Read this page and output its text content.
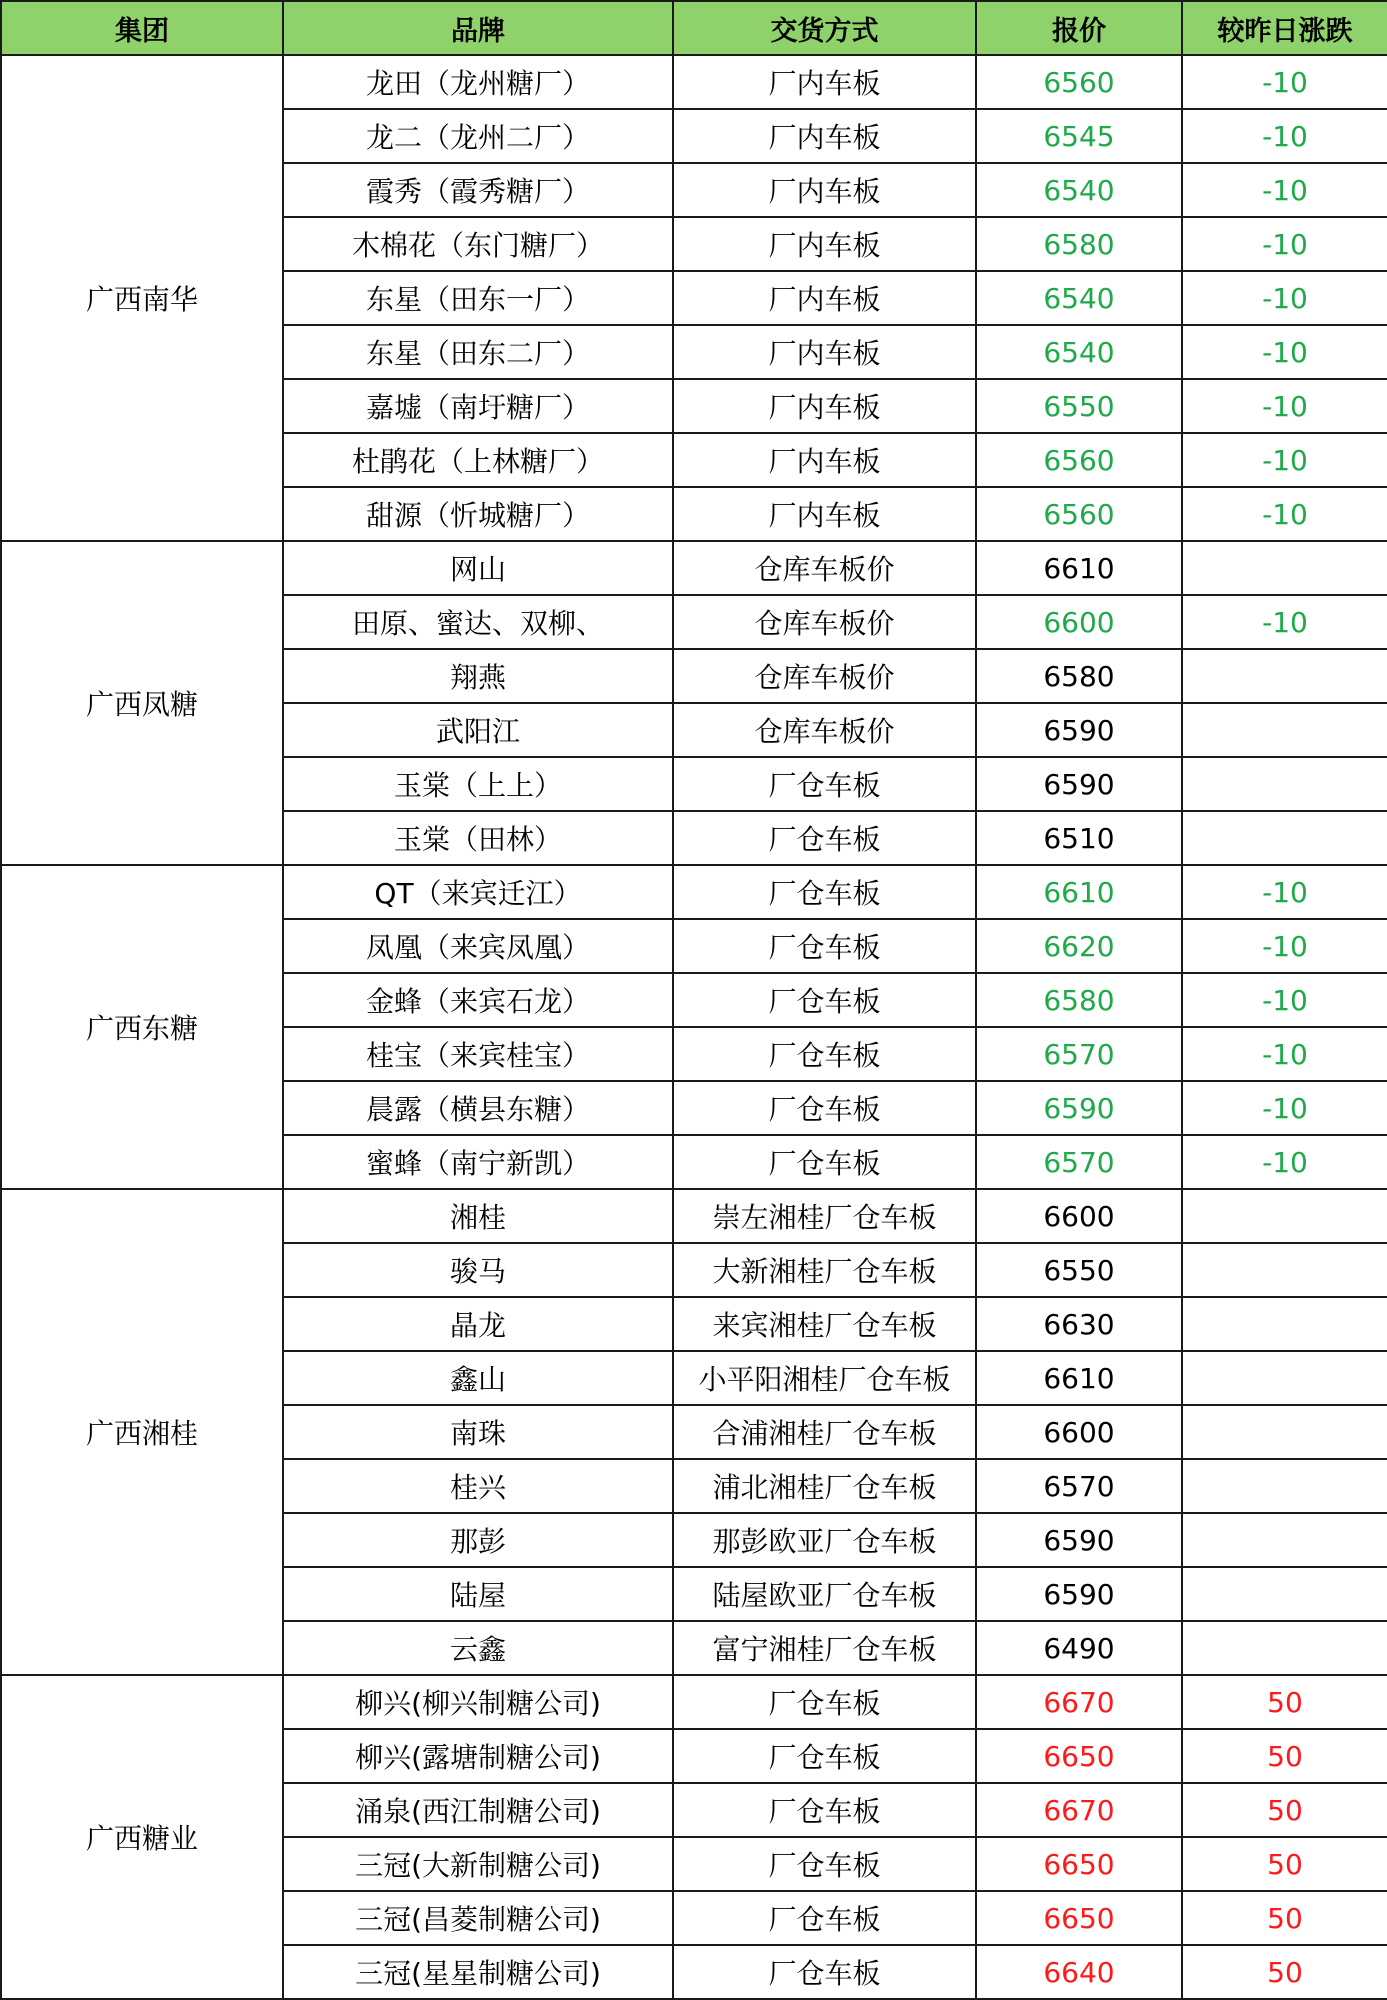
集团	品牌	交货方式	报价	较昨日涨跌
广西南华	龙田（龙州糖厂）	厂内车板	6560	-10
	龙二（龙州二厂）	厂内车板	6545	-10
	霞秀（霞秀糖厂）	厂内车板	6540	-10
	木棉花（东门糖厂）	厂内车板	6580	-10
	东星（田东一厂）	厂内车板	6540	-10
	东星（田东二厂）	厂内车板	6540	-10
	嘉墟（南圩糖厂）	厂内车板	6550	-10
	杜鹃花（上林糖厂）	厂内车板	6560	-10
	甜源（忻城糖厂）	厂内车板	6560	-10
广西凤糖	网山	仓库车板价	6610	
	田原、蜜达、双柳、	仓库车板价	6600	-10
	翔燕	仓库车板价	6580	
	武阳江	仓库车板价	6590	
	玉棠（上上）	厂仓车板	6590	
	玉棠（田林）	厂仓车板	6510	
广西东糖	QT（来宾迁江）	厂仓车板	6610	-10
	凤凰（来宾凤凰）	厂仓车板	6620	-10
	金蜂（来宾石龙）	厂仓车板	6580	-10
	桂宝（来宾桂宝）	厂仓车板	6570	-10
	晨露（横县东糖）	厂仓车板	6590	-10
	蜜蜂（南宁新凯）	厂仓车板	6570	-10
广西湘桂	湘桂	崇左湘桂厂仓车板	6600	
	骏马	大新湘桂厂仓车板	6550	
	晶龙	来宾湘桂厂仓车板	6630	
	鑫山	小平阳湘桂厂仓车板	6610	
	南珠	合浦湘桂厂仓车板	6600	
	桂兴	浦北湘桂厂仓车板	6570	
	那彭	那彭欧亚厂仓车板	6590	
	陆屋	陆屋欧亚厂仓车板	6590	
	云鑫	富宁湘桂厂仓车板	6490	
广西糖业	柳兴(柳兴制糖公司)	厂仓车板	6670	50
	柳兴(露塘制糖公司)	厂仓车板	6650	50
	涌泉(西江制糖公司)	厂仓车板	6670	50
	三冠(大新制糖公司)	厂仓车板	6650	50
	三冠(昌菱制糖公司)	厂仓车板	6650	50
	三冠(星星制糖公司)	厂仓车板	6640	50
